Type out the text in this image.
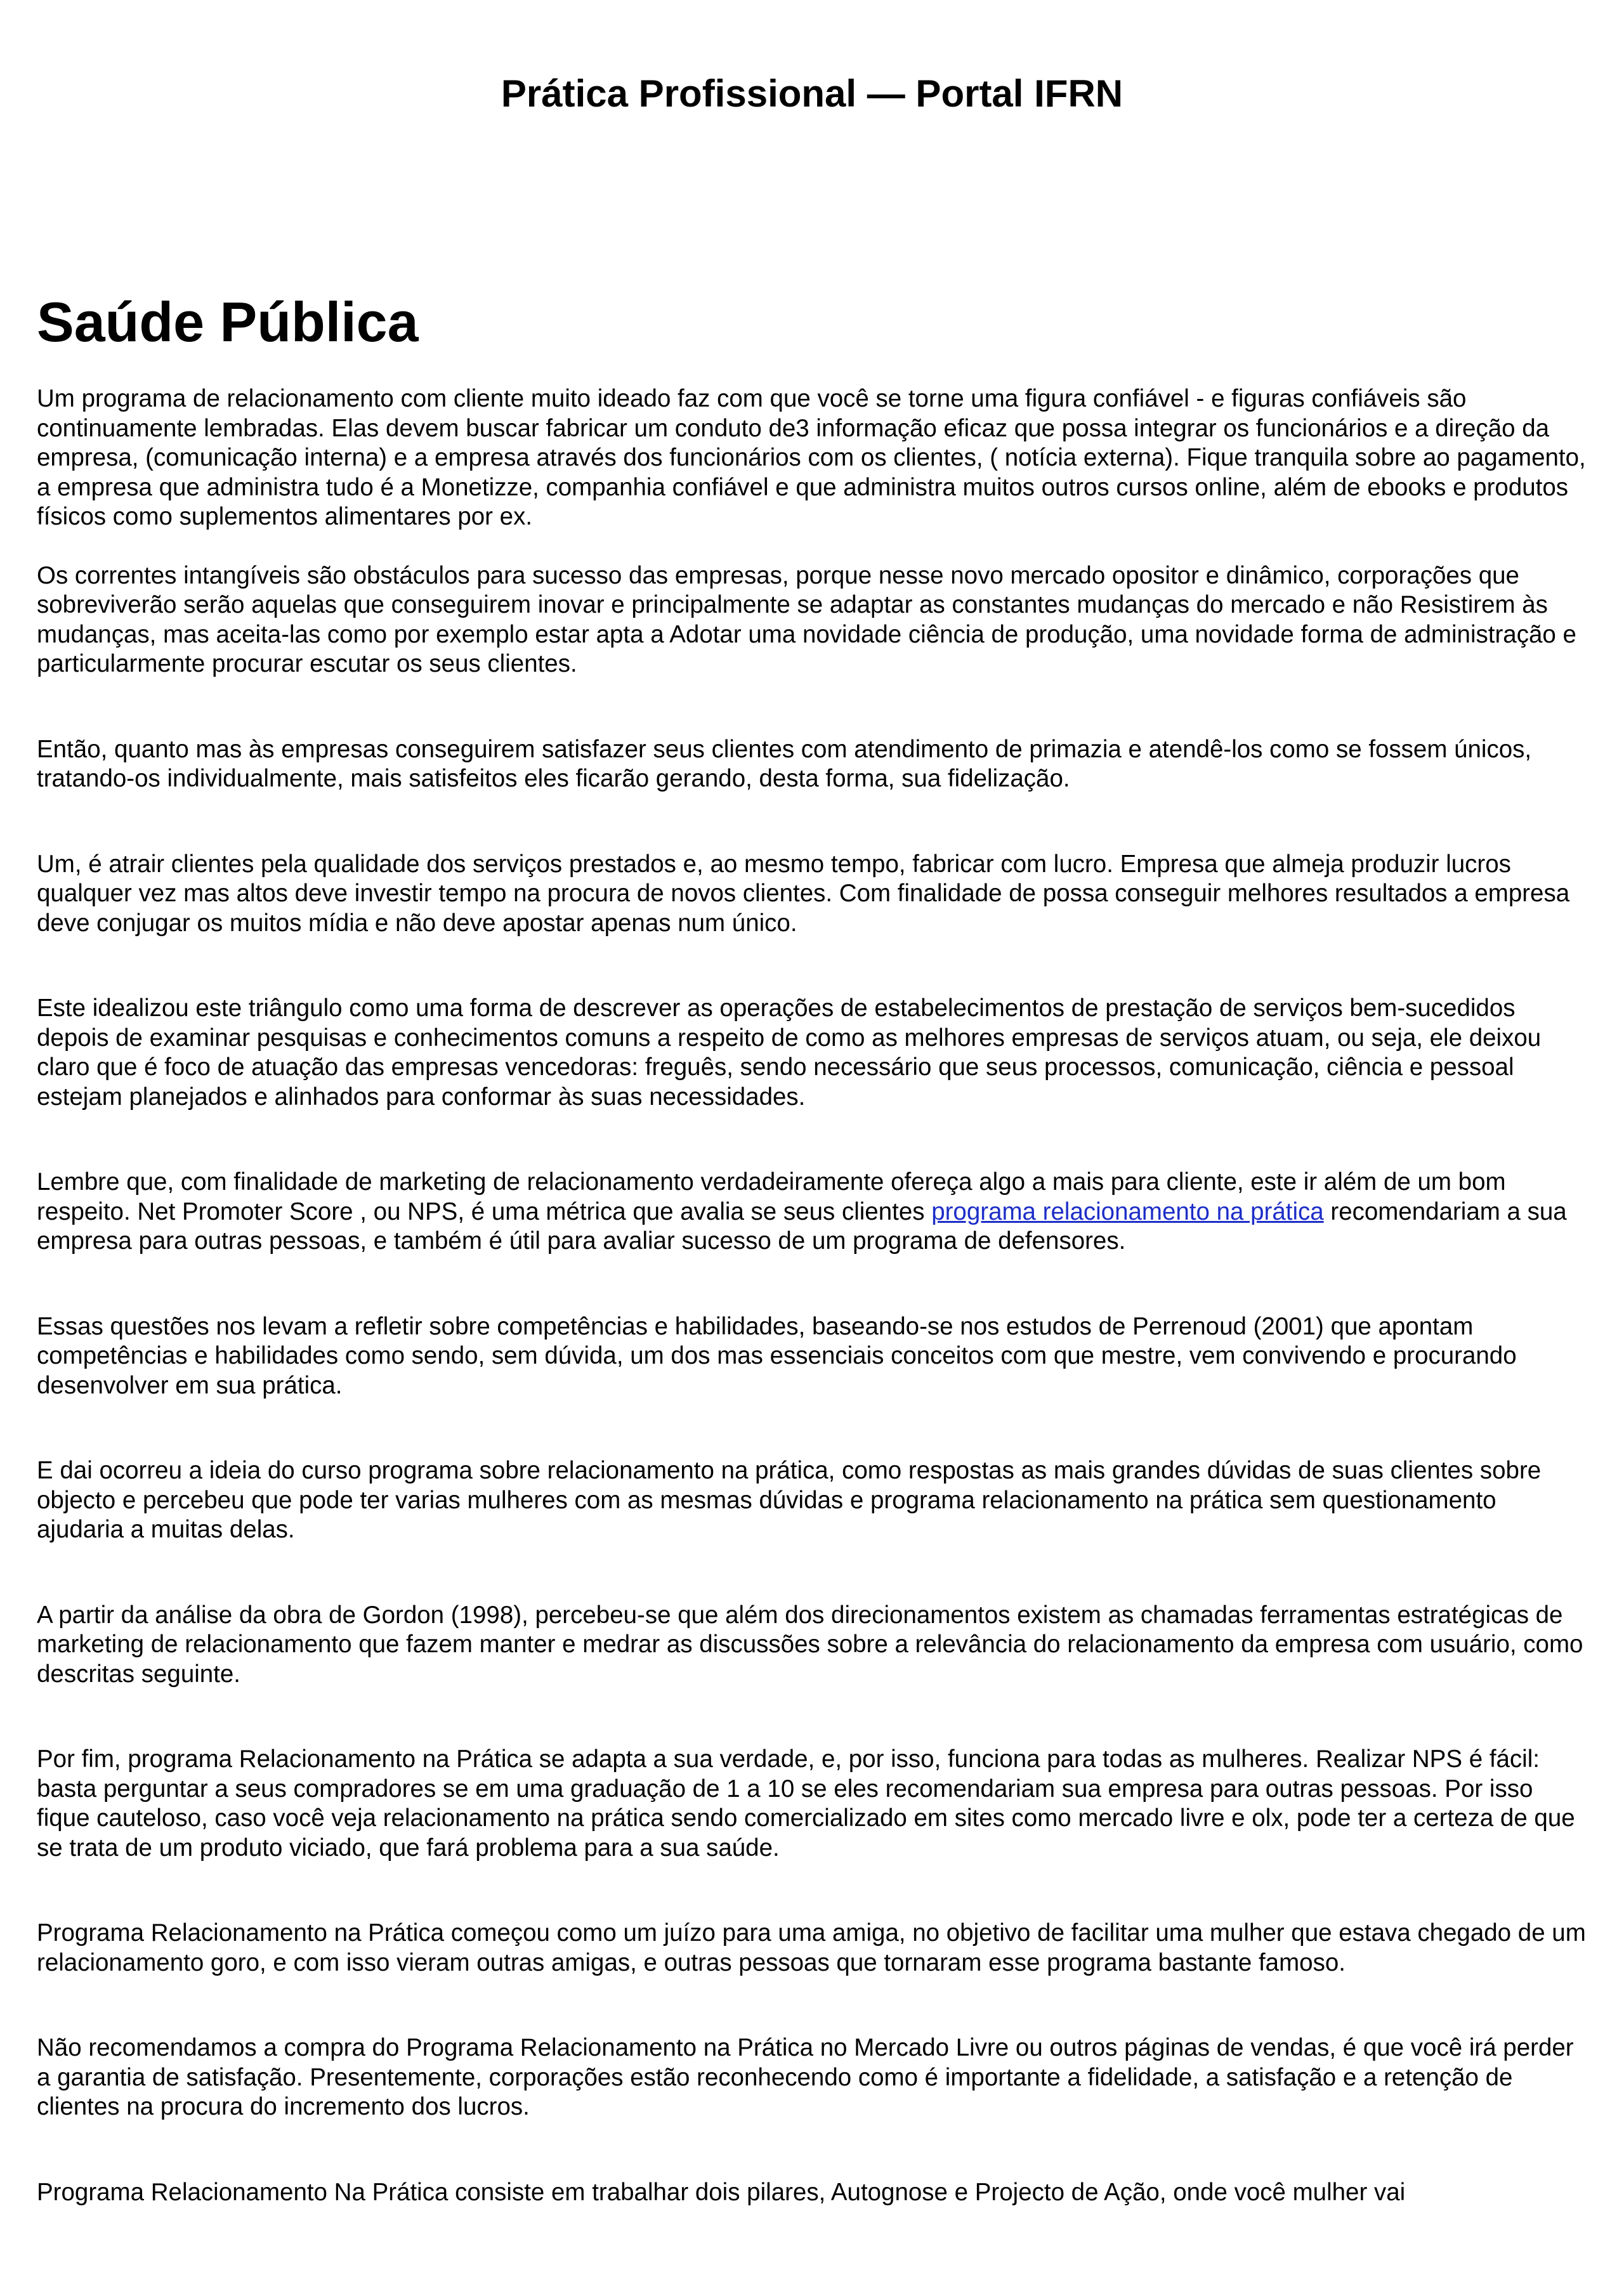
Prática Profissional — Portal IFRN
Saúde Pública

Um programa de relacionamento com cliente muito ideado faz com que você se torne uma figura confiável - e figuras confiáveis são continuamente lembradas. Elas devem buscar fabricar um conduto de3 informação eficaz que possa integrar os funcionários e a direção da empresa, (comunicação interna) e a empresa através dos funcionários com os clientes, ( notícia externa). Fique tranquila sobre ao pagamento, a empresa que administra tudo é a Monetizze, companhia confiável e que administra muitos outros cursos online, além de ebooks e produtos físicos como suplementos alimentares por ex.

Os correntes intangíveis são obstáculos para sucesso das empresas, porque nesse novo mercado opositor e dinâmico, corporações que sobreviverão serão aquelas que conseguirem inovar e principalmente se adaptar as constantes mudanças do mercado e não Resistirem às mudanças, mas aceita-las como por exemplo estar apta a Adotar uma novidade ciência de produção, uma novidade forma de administração e particularmente procurar escutar os seus clientes.

Então, quanto mas às empresas conseguirem satisfazer seus clientes com atendimento de primazia e atendê-los como se fossem únicos, tratando-os individualmente, mais satisfeitos eles ficarão gerando, desta forma, sua fidelização.

Um, é atrair clientes pela qualidade dos serviços prestados e, ao mesmo tempo, fabricar com lucro. Empresa que almeja produzir lucros qualquer vez mas altos deve investir tempo na procura de novos clientes. Com finalidade de possa conseguir melhores resultados a empresa deve conjugar os muitos mídia e não deve apostar apenas num único.

Este idealizou este triângulo como uma forma de descrever as operações de estabelecimentos de prestação de serviços bem-sucedidos depois de examinar pesquisas e conhecimentos comuns a respeito de como as melhores empresas de serviços atuam, ou seja, ele deixou claro que é foco de atuação das empresas vencedoras: freguês, sendo necessário que seus processos, comunicação, ciência e pessoal estejam planejados e alinhados para conformar às suas necessidades.

Lembre que, com finalidade de marketing de relacionamento verdadeiramente ofereça algo a mais para cliente, este ir além de um bom respeito. Net Promoter Score , ou NPS, é uma métrica que avalia se seus clientes programa relacionamento na prática recomendariam a sua empresa para outras pessoas, e também é útil para avaliar sucesso de um programa de defensores.

Essas questões nos levam a refletir sobre competências e habilidades, baseando-se nos estudos de Perrenoud (2001) que apontam competências e habilidades como sendo, sem dúvida, um dos mas essenciais conceitos com que mestre, vem convivendo e procurando desenvolver em sua prática.

E dai ocorreu a ideia do curso programa sobre relacionamento na prática, como respostas as mais grandes dúvidas de suas clientes sobre objecto e percebeu que pode ter varias mulheres com as mesmas dúvidas e programa relacionamento na prática sem questionamento ajudaria a muitas delas.

A partir da análise da obra de Gordon (1998), percebeu-se que além dos direcionamentos existem as chamadas ferramentas estratégicas de marketing de relacionamento que fazem manter e medrar as discussões sobre a relevância do relacionamento da empresa com usuário, como descritas seguinte.

Por fim, programa Relacionamento na Prática se adapta a sua verdade, e, por isso, funciona para todas as mulheres. Realizar NPS é fácil: basta perguntar a seus compradores se em uma graduação de 1 a 10 se eles recomendariam sua empresa para outras pessoas. Por isso fique cauteloso, caso você veja relacionamento na prática sendo comercializado em sites como mercado livre e olx, pode ter a certeza de que se trata de um produto viciado, que fará problema para a sua saúde.

Programa Relacionamento na Prática começou como um juízo para uma amiga, no objetivo de facilitar uma mulher que estava chegado de um relacionamento goro, e com isso vieram outras amigas, e outras pessoas que tornaram esse programa bastante famoso.

Não recomendamos a compra do Programa Relacionamento na Prática no Mercado Livre ou outros páginas de vendas, é que você irá perder a garantia de satisfação. Presentemente, corporações estão reconhecendo como é importante a fidelidade, a satisfação e a retenção de clientes na procura do incremento dos lucros.

Programa Relacionamento Na Prática consiste em trabalhar dois pilares, Autognose e Projecto de Ação, onde você mulher vai
